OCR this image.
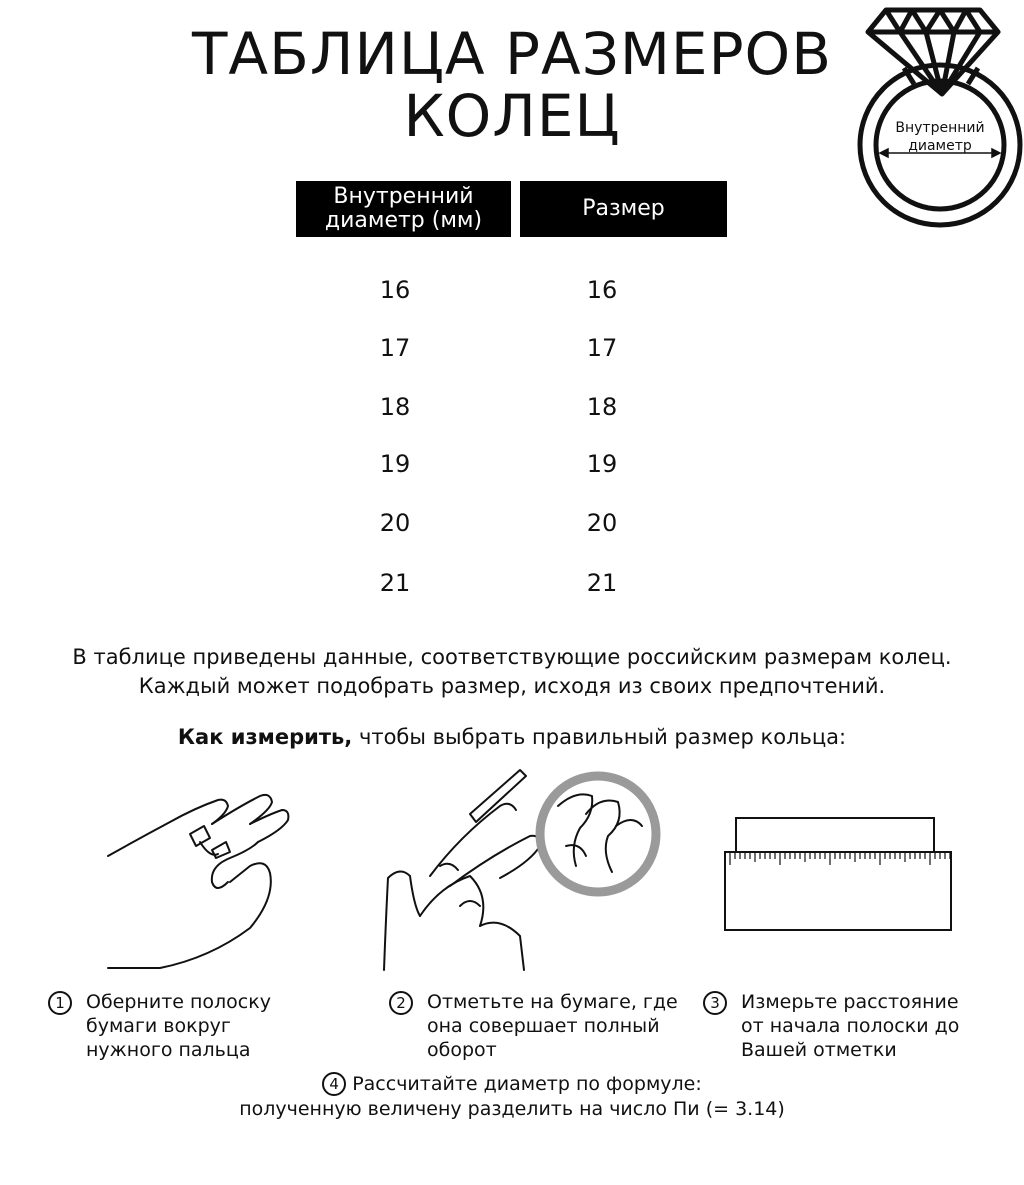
ТАБЛИЦА РАЗМЕРОВ
КОЛЕЦ	Внутренний
диаметр
Внутренний
диаметр (мм)	Размер
16	16
17	17
18	18
19	19
20	20
21	21
В таблице приведены данные, соответствующие российским размерам колец.
Каждый может подобрать размер, исходя из своих предпочтений.
Как измерить, чтобы выбрать правильный размер кольца:
1	Оберните полоску
бумаги вокруг
нужного пальца
2	Отметьте на бумаге, где
она совершает полный
оборот
3	Измерьте расстояние
от начала полоски до
Вашей отметки
4 Рассчитайте диаметр по формуле:

полученную величену разделить на число Пи (= 3.14)
